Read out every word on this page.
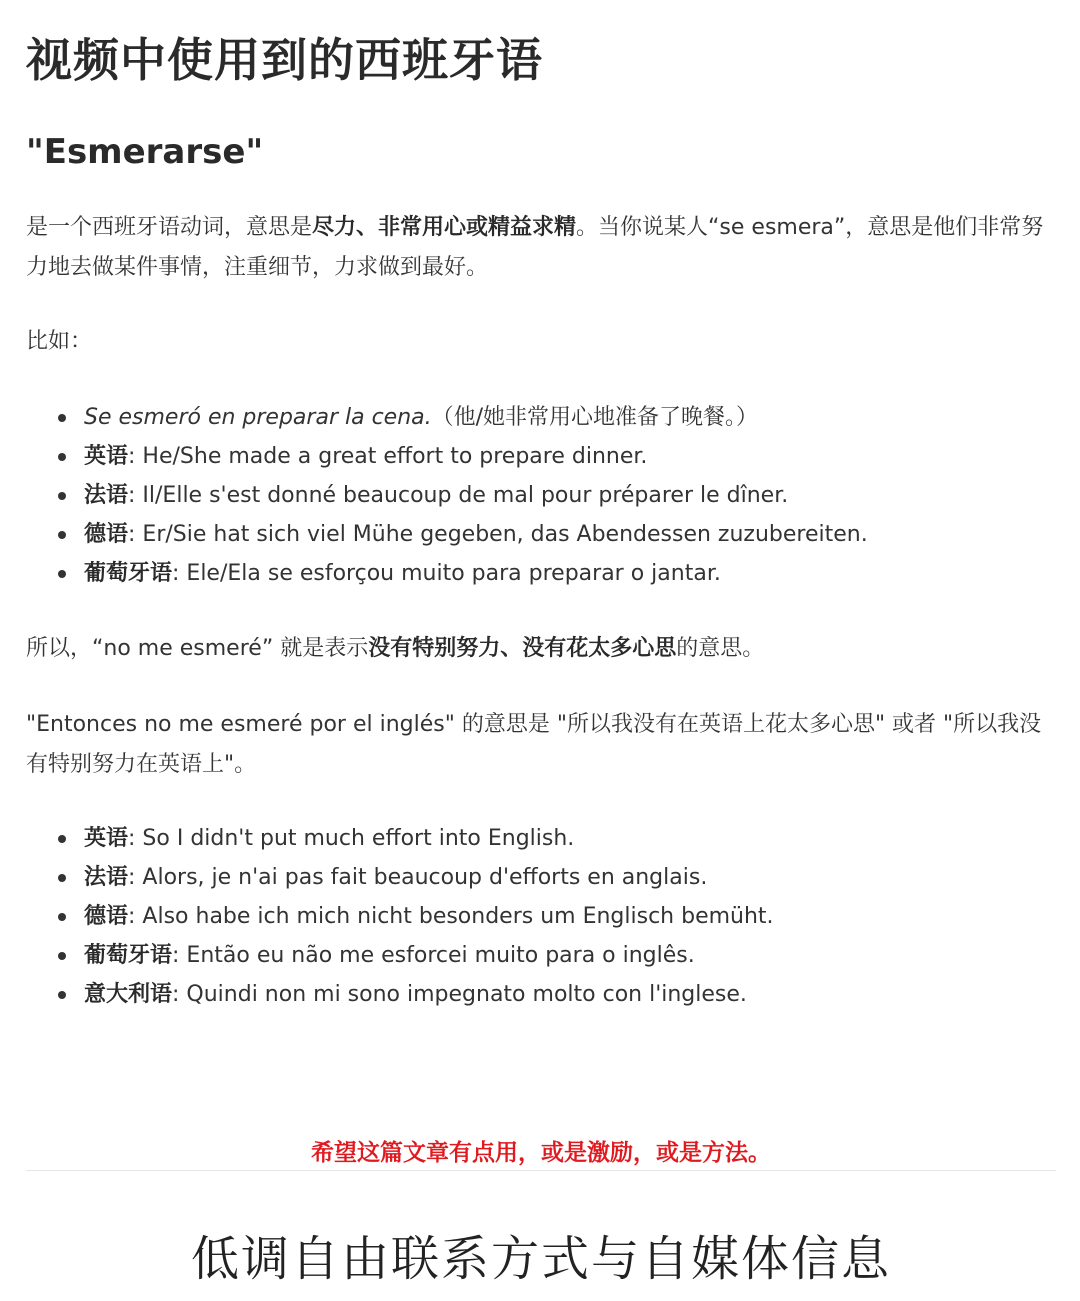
视频中使用到的西班牙语
"Esmerarse"

是一个西班牙语动词，意思是尽力、非常用心或精益求精。当你说某人“se esmera”，意思是他们非常努力地去做某件事情，注重细节，力求做到最好。

比如：

Se esmeró en preparar la cena.（他/她非常用心地准备了晚餐。）
英语: He/She made a great effort to prepare dinner.
法语: Il/Elle s'est donné beaucoup de mal pour préparer le dîner.
德语: Er/Sie hat sich viel Mühe gegeben, das Abendessen zuzubereiten.
葡萄牙语: Ele/Ela se esforçou muito para preparar o jantar.

所以，“no me esmeré” 就是表示没有特别努力、没有花太多心思的意思。

"Entonces no me esmeré por el inglés" 的意思是 "所以我没有在英语上花太多心思" 或者 "所以我没有特别努力在英语上"。

英语: So I didn't put much effort into English.
法语: Alors, je n'ai pas fait beaucoup d'efforts en anglais.
德语: Also habe ich mich nicht besonders um Englisch bemüht.
葡萄牙语: Então eu não me esforcei muito para o inglês.
意大利语: Quindi non mi sono impegnato molto con l'inglese.
希望这篇文章有点用，或是激励，或是方法。
低调自由联系方式与自媒体信息
